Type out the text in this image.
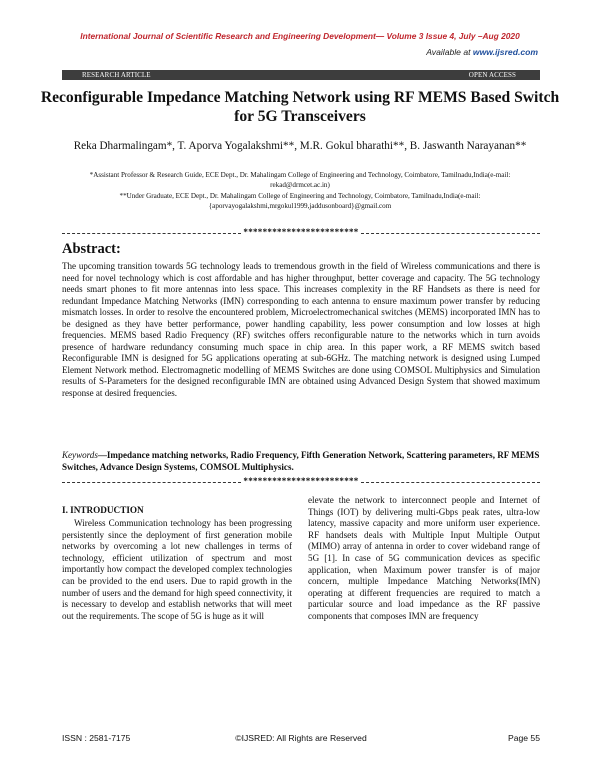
International Journal of Scientific Research and Engineering Development— Volume 3 Issue 4, July –Aug 2020
Available at www.ijsred.com
RESEARCH ARTICLE	OPEN ACCESS
Reconfigurable Impedance Matching Network using RF MEMS Based Switch for 5G Transceivers
Reka Dharmalingam*, T. Aporva Yogalakshmi**, M.R. Gokul bharathi**, B. Jaswanth Narayanan**
*Assistant Professor & Research Guide, ECE Dept., Dr. Mahalingam College of Engineering and Technology, Coimbatore, Tamilnadu,India(e-mail: rekad@drmcet.ac.in)
**Under Graduate, ECE Dept., Dr. Mahalingam College of Engineering and Technology, Coimbatore, Tamilnadu,India(e-mail: {aporvayogalakshmi,mrgokul1999,jaddusonboard}@gmail.com
************************
Abstract:
The upcoming transition towards 5G technology leads to tremendous growth in the field of Wireless communications and there is need for novel technology which is cost affordable and has higher throughput, better coverage and capacity. The 5G technology needs smart phones to fit more antennas into less space. This increases complexity in the RF Handsets as there is need for redundant Impedance Matching Networks (IMN) corresponding to each antenna to ensure maximum power transfer by reducing mismatch losses. In order to resolve the encountered problem, Microelectromechanical switches (MEMS) incorporated IMN has to be designed as they have better performance, power handling capability, less power consumption and low losses at high frequencies. MEMS based Radio Frequency (RF) switches offers reconfigurable nature to the networks which in turn avoids presence of hardware redundancy consuming much space in chip area. In this paper work, a RF MEMS switch based Reconfigurable IMN is designed for 5G applications operating at sub-6GHz. The matching network is designed using Lumped Element Network method. Electromagnetic modelling of MEMS Switches are done using COMSOL Multiphysics and Simulation results of S-Parameters for the designed reconfigurable IMN are obtained using Advanced Design System that showed maximum response at desired frequencies.
Keywords—Impedance matching networks, Radio Frequency, Fifth Generation Network, Scattering parameters, RF MEMS Switches, Advance Design Systems, COMSOL Multiphysics.
************************
I. INTRODUCTION
Wireless Communication technology has been progressing persistently since the deployment of first generation mobile networks by overcoming a lot new challenges in terms of technology, efficient utilization of spectrum and most importantly how compact the developed complex technologies can be provided to the end users. Due to rapid growth in the number of users and the demand for high speed connectivity, it is necessary to develop and establish networks that will meet out the requirements. The scope of 5G is huge as it will
elevate the network to interconnect people and Internet of Things (IOT) by delivering multi-Gbps peak rates, ultra-low latency, massive capacity and more uniform user experience. RF handsets deals with Multiple Input Multiple Output (MIMO) array of antenna in order to cover wideband range of 5G [1]. In case of 5G communication devices as specific application, when Maximum power transfer is of major concern, multiple Impedance Matching Networks(IMN) operating at different frequencies are required to match a particular source and load impedance as the RF passive components that composes IMN are frequency
ISSN : 2581-7175	©IJSRED: All Rights are Reserved	Page 55
